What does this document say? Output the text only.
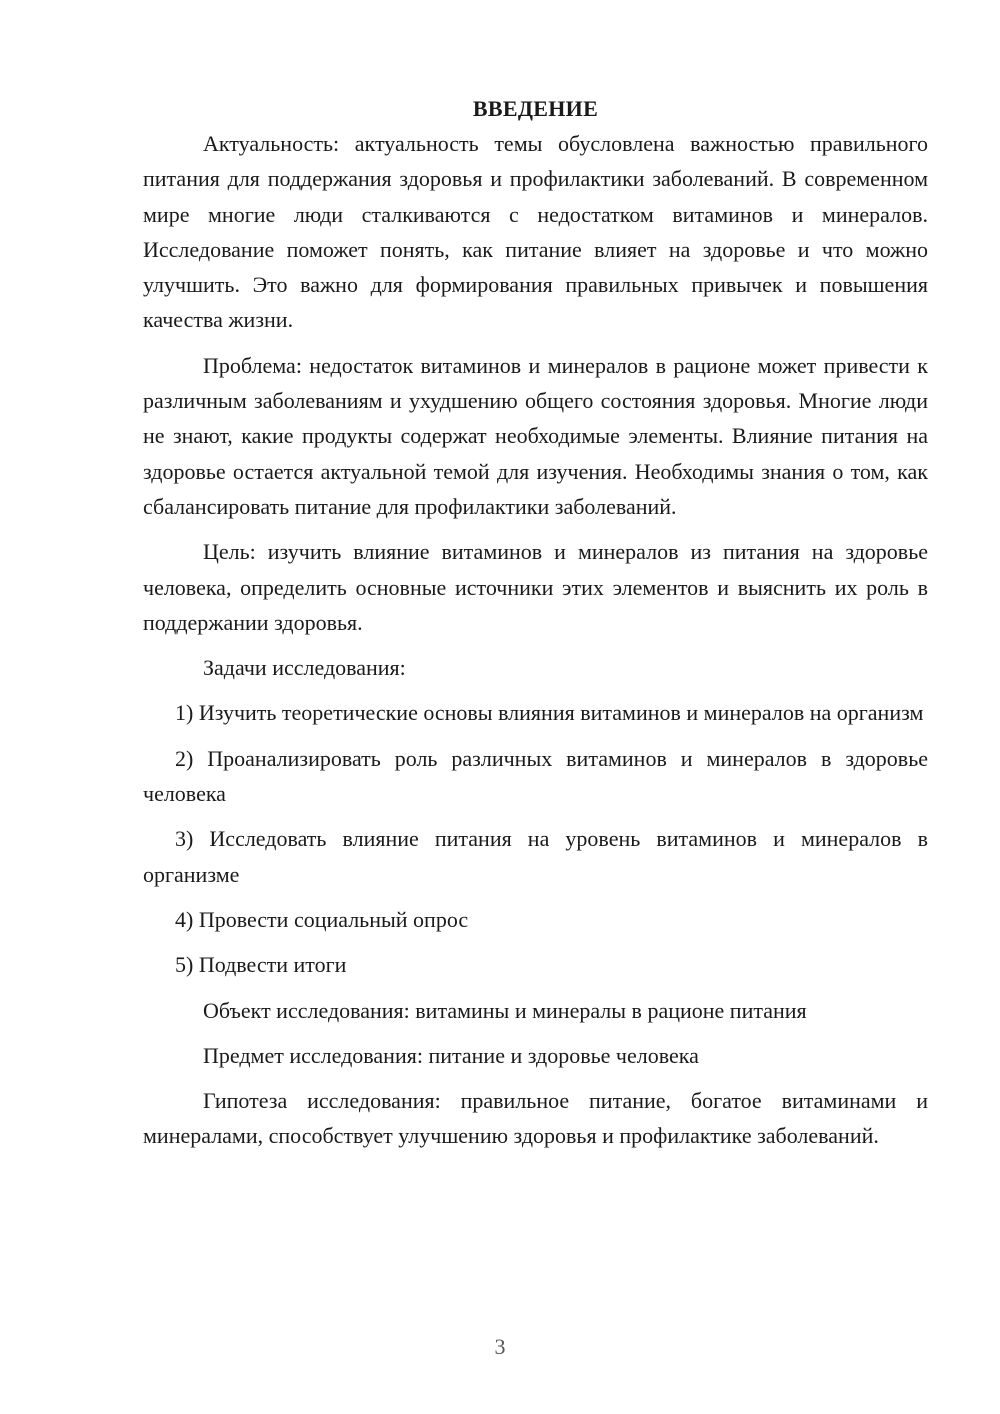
ВВЕДЕНИЕ

Актуальность: актуальность темы обусловлена важностью правильного питания для поддержания здоровья и профилактики заболеваний. В современном мире многие люди сталкиваются с недостатком витаминов и минералов. Исследование поможет понять, как питание влияет на здоровье и что можно улучшить. Это важно для формирования правильных привычек и повышения качества жизни.

Проблема: недостаток витаминов и минералов в рационе может привести к различным заболеваниям и ухудшению общего состояния здоровья. Многие люди не знают, какие продукты содержат необходимые элементы. Влияние питания на здоровье остается актуальной темой для изучения. Необходимы знания о том, как сбалансировать питание для профилактики заболеваний.

Цель: изучить влияние витаминов и минералов из питания на здоровье человека, определить основные источники этих элементов и выяснить их роль в поддержании здоровья.

Задачи исследования:

1) Изучить теоретические основы влияния витаминов и минералов на организм

2) Проанализировать роль различных витаминов и минералов в здоровье человека

3) Исследовать влияние питания на уровень витаминов и минералов в организме

4) Провести социальный опрос

5) Подвести итоги

Объект исследования: витамины и минералы в рационе питания

Предмет исследования: питание и здоровье человека

Гипотеза исследования: правильное питание, богатое витаминами и минералами, способствует улучшению здоровья и профилактике заболеваний.

3
